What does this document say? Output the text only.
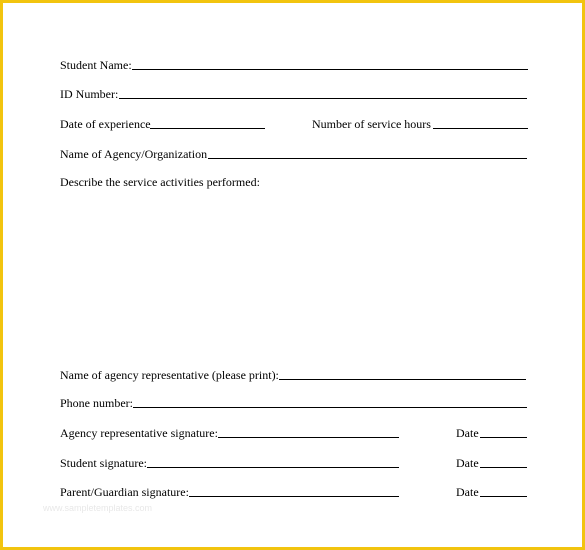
Student Name:
ID Number:
Date of experience	Number of service hours
Name of Agency/Organization
Describe the service activities performed:
Name of agency representative (please print):
Phone number:
Agency representative signature:	Date
Student signature:	Date
Parent/Guardian signature:	Date
www.sampletemplates.com
